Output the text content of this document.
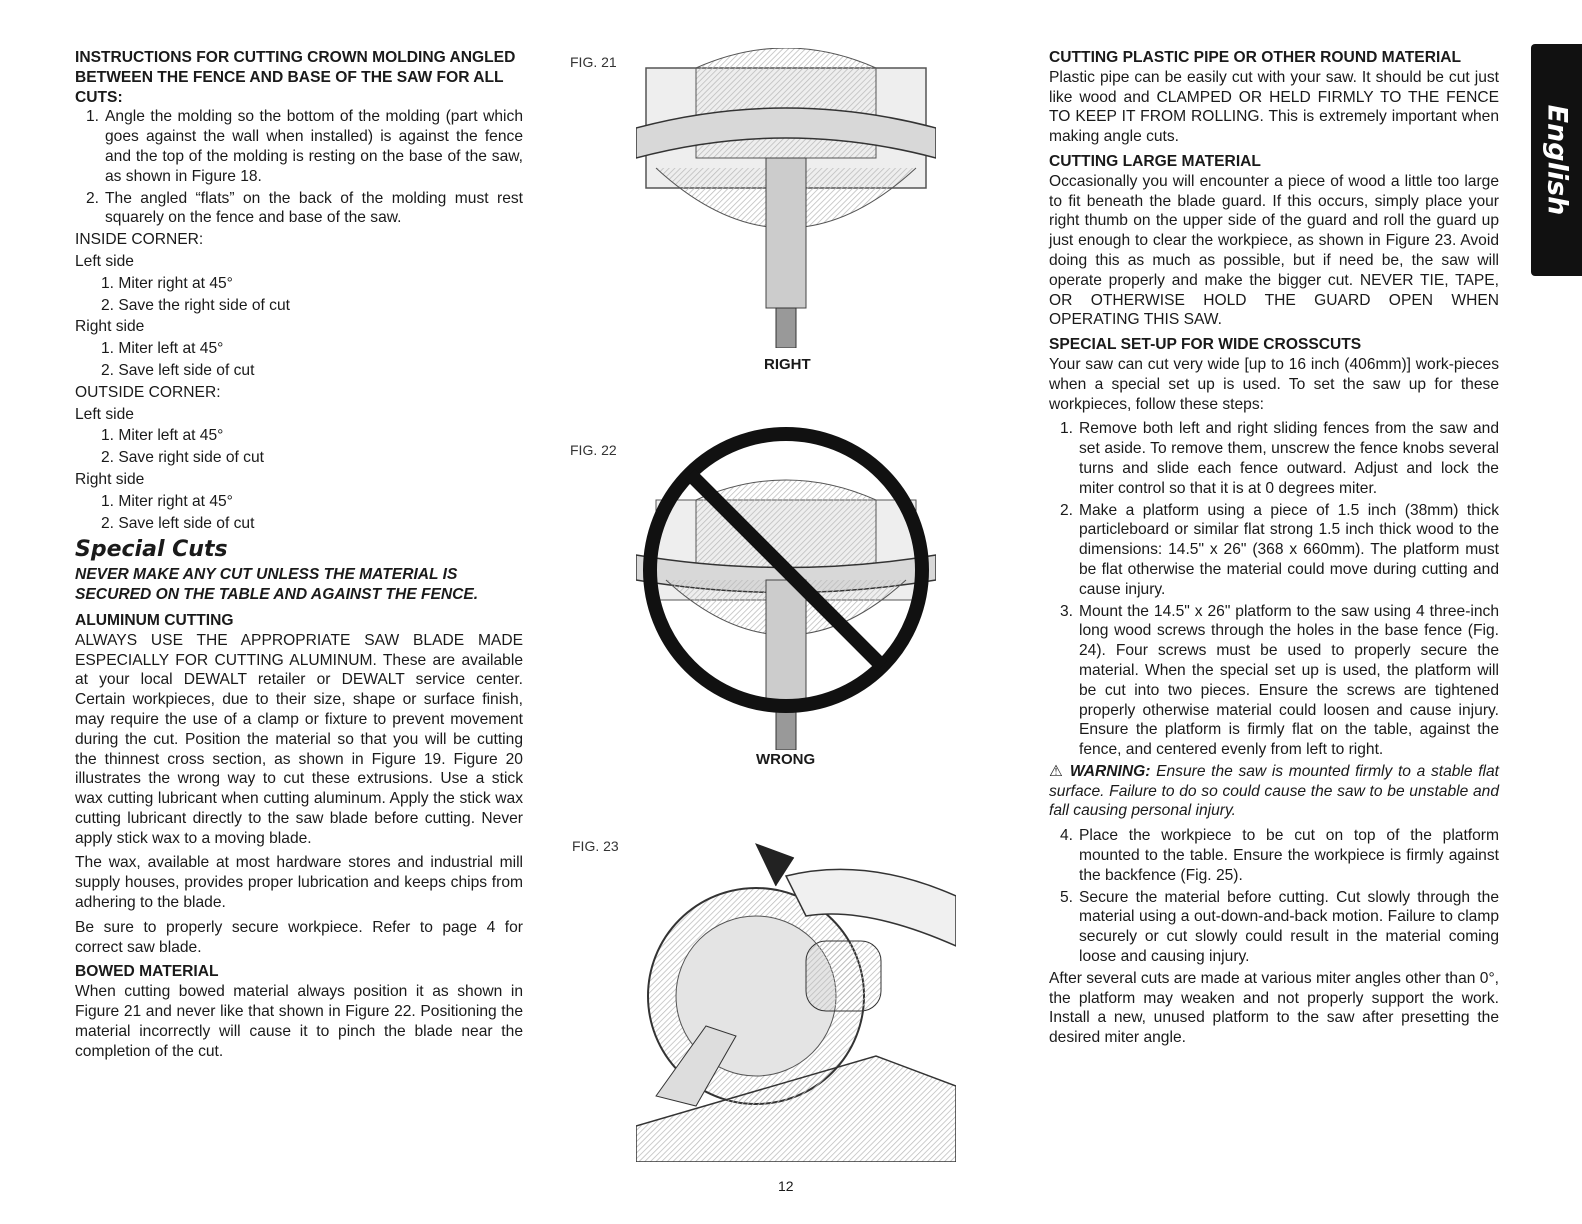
INSTRUCTIONS FOR CUTTING CROWN MOLDING ANGLED BETWEEN THE FENCE AND BASE OF THE SAW FOR ALL CUTS:

1. Angle the molding so the bottom of the molding (part which goes against the wall when installed) is against the fence and the top of the molding is resting on the base of the saw, as shown in Figure 18.
2. The angled “flats” on the back of the molding must rest squarely on the fence and base of the saw.

INSIDE CORNER:

Left side

1. Miter right at 45°

2. Save the right side of cut

Right side

1. Miter left at 45°

2. Save left side of cut

OUTSIDE CORNER:

Left side

1. Miter left at 45°

2. Save right side of cut

Right side

1. Miter right at 45°

2. Save left side of cut

Special Cuts

NEVER MAKE ANY CUT UNLESS THE MATERIAL IS SECURED ON THE TABLE AND AGAINST THE FENCE.

ALUMINUM CUTTING

ALWAYS USE THE APPROPRIATE SAW BLADE MADE ESPECIALLY FOR CUTTING ALUMINUM. These are available at your local DEWALT retailer or DEWALT service center. Certain workpieces, due to their size, shape or surface finish, may require the use of a clamp or fixture to prevent movement during the cut. Position the material so that you will be cutting the thinnest cross section, as shown in Figure 19. Figure 20 illustrates the wrong way to cut these extrusions. Use a stick wax cutting lubricant when cutting aluminum. Apply the stick wax cutting lubricant directly to the saw blade before cutting. Never apply stick wax to a moving blade.

The wax, available at most hardware stores and industrial mill supply houses, provides proper lubrication and keeps chips from adhering to the blade.

Be sure to properly secure workpiece. Refer to page 4 for correct saw blade.

BOWED MATERIAL

When cutting bowed material always position it as shown in Figure 21 and never like that shown in Figure 22. Positioning the material incorrectly will cause it to pinch the blade near the completion of the cut.

FIG. 21
RIGHT
FIG. 22
WRONG
FIG. 23

CUTTING PLASTIC PIPE OR OTHER ROUND MATERIAL

Plastic pipe can be easily cut with your saw. It should be cut just like wood and CLAMPED OR HELD FIRMLY TO THE FENCE TO KEEP IT FROM ROLLING. This is extremely important when making angle cuts.

CUTTING LARGE MATERIAL

Occasionally you will encounter a piece of wood a little too large to fit beneath the blade guard. If this occurs, simply place your right thumb on the upper side of the guard and roll the guard up just enough to clear the workpiece, as shown in Figure 23. Avoid doing this as much as possible, but if need be, the saw will operate properly and make the bigger cut. NEVER TIE, TAPE, OR OTHERWISE HOLD THE GUARD OPEN WHEN OPERATING THIS SAW.

SPECIAL SET-UP FOR WIDE CROSSCUTS

Your saw can cut very wide [up to 16 inch (406mm)] work-pieces when a special set up is used. To set the saw up for these workpieces, follow these steps:

1. Remove both left and right sliding fences from the saw and set aside. To remove them, unscrew the fence knobs several turns and slide each fence outward. Adjust and lock the miter control so that it is at 0 degrees miter.
2. Make a platform using a piece of 1.5 inch (38mm) thick particleboard or similar flat strong 1.5 inch thick wood to the dimensions: 14.5" x 26" (368 x 660mm). The platform must be flat otherwise the material could move during cutting and cause injury.
3. Mount the 14.5" x 26" platform to the saw using 4 three-inch long wood screws through the holes in the base fence (Fig. 24). Four screws must be used to properly secure the material. When the special set up is used, the platform will be cut into two pieces. Ensure the screws are tightened properly otherwise material could loosen and cause injury. Ensure the platform is firmly flat on the table, against the fence, and centered evenly from left to right.

⚠ WARNING: Ensure the saw is mounted firmly to a stable flat surface. Failure to do so could cause the saw to be unstable and fall causing personal injury.

4. Place the workpiece to be cut on top of the platform mounted to the table. Ensure the workpiece is firmly against the backfence (Fig. 25).
5. Secure the material before cutting. Cut slowly through the material using a out-down-and-back motion. Failure to clamp securely or cut slowly could result in the material coming loose and causing injury.

After several cuts are made at various miter angles other than 0°, the platform may weaken and not properly support the work. Install a new, unused platform to the saw after presetting the desired miter angle.

English
12
